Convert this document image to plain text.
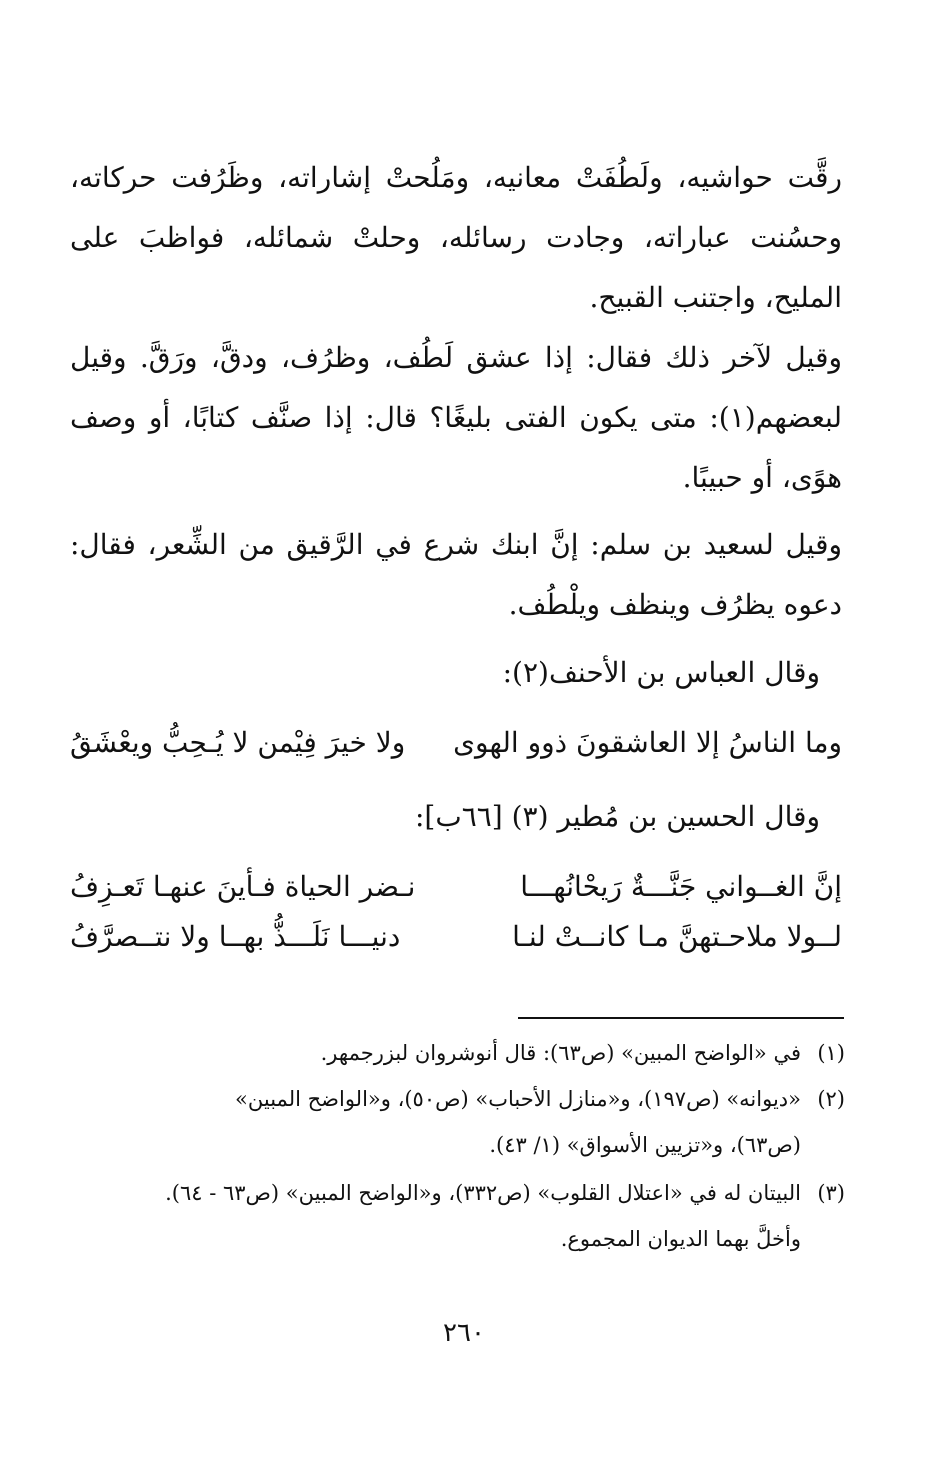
رقَّت حواشيه، ولَطُفَتْ معانيه، ومَلُحتْ إشاراته، وظَرُفت حركاته، وحسُنت عباراته، وجادت رسائله، وحلتْ شمائله، فواظبَ على المليح، واجتنب القبيح.

وقيل لآخر ذلك فقال: إذا عشق لَطُف، وظرُف، ودقَّ، ورَقَّ. وقيل لبعضهم(١): متى يكون الفتى بليغًا؟ قال: إذا صنَّف كتابًا، أو وصف هوًى، أو حبيبًا.

وقيل لسعيد بن سلم: إنَّ ابنك شرع في الرَّقيق من الشِّعر، فقال: دعوه يظرُف وينظف ويلْطُف.

وقال العباس بن الأحنف(٢):
وما الناسُ إلا العاشقونَ ذوو الهوى
ولا خيرَ فِيْمن لا يُـحِبُّ ويعْشَقُ
وقال الحسين بن مُطير (٣) [٦٦ب]:
إنَّ الغــواني جَنَّـــةٌ رَيحْانُهـــا
نـضر الحياة فـأينَ عنهـا تَعـزِفُ
لــولا ملاحـتهنَّ مـا كانــتْ لنـا
دنيـــا نَلَـــذُّ بهــا ولا نتــصرَّفُ
(١)في «الواضح المبين» (ص٦٣): قال أنوشروان لبزرجمهر.
(٢)«ديوانه» (ص١٩٧)، و«منازل الأحباب» (ص٥٠)، و«الواضح المبين»
(ص٦٣)، و«تزيين الأسواق» (١/ ٤٣).
(٣)البيتان له في «اعتلال القلوب» (ص٣٣٢)، و«الواضح المبين» (ص٦٣ - ٦٤).
وأخلَّ بهما الديوان المجموع.
٢٦٠
